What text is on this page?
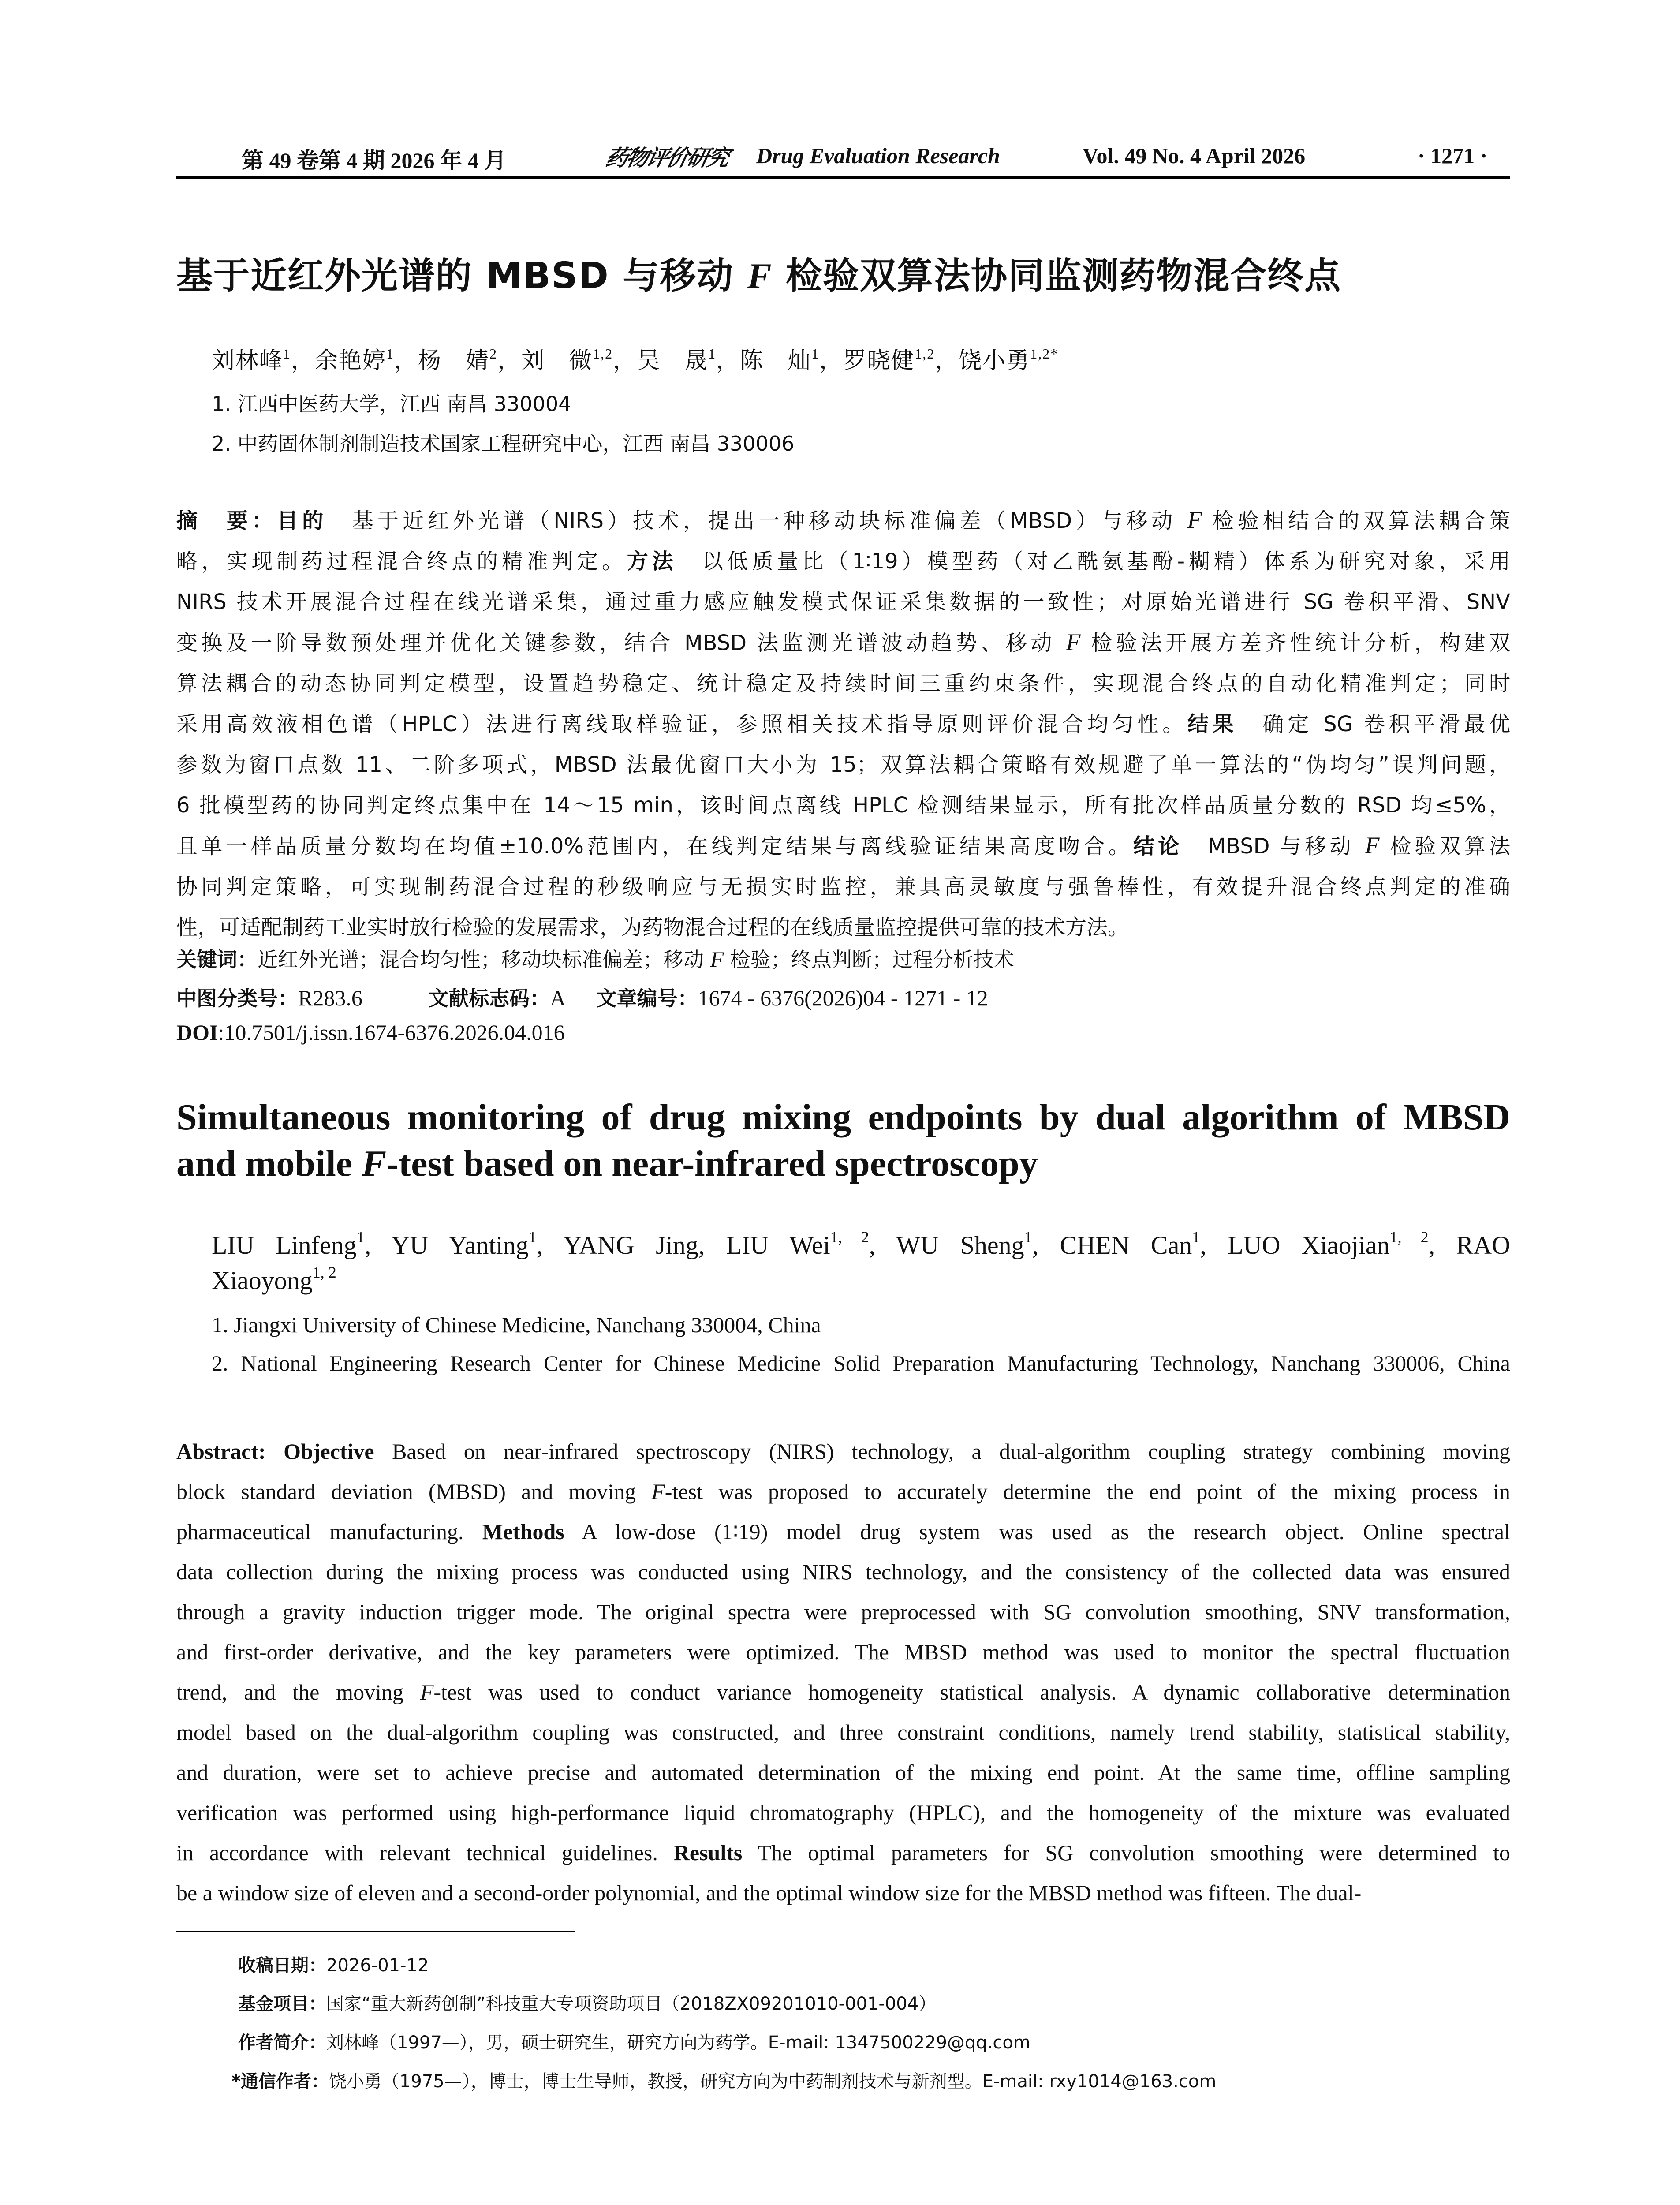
第 49 卷第 4 期 2026 年 4 月	药物评价研究 Drug Evaluation Research	Vol. 49 No. 4 April 2026	· 1271 ·
基于近红外光谱的 MBSD 与移动 F 检验双算法协同监测药物混合终点
刘林峰$^1$，余艳婷$^1$，杨　婧$^2$，刘　微$^{1,2}$，吴　晟$^1$，陈　灿$^1$，罗晓健$^{1,2}$，饶小勇$^{1,2*}$
1. 江西中医药大学，江西 南昌 330004
2. 中药固体制剂制造技术国家工程研究中心，江西 南昌 330006
摘　要：目的　基于近红外光谱（NIRS）技术，提出一种移动块标准偏差（MBSD）与移动 F 检验相结合的双算法耦合策
略，实现制药过程混合终点的精准判定。方法　以低质量比（1∶19）模型药（对乙酰氨基酚-糊精）体系为研究对象，采用
NIRS 技术开展混合过程在线光谱采集，通过重力感应触发模式保证采集数据的一致性；对原始光谱进行 SG 卷积平滑、SNV
变换及一阶导数预处理并优化关键参数，结合 MBSD 法监测光谱波动趋势、移动 F 检验法开展方差齐性统计分析，构建双
算法耦合的动态协同判定模型，设置趋势稳定、统计稳定及持续时间三重约束条件，实现混合终点的自动化精准判定；同时
采用高效液相色谱（HPLC）法进行离线取样验证，参照相关技术指导原则评价混合均匀性。结果　确定 SG 卷积平滑最优
参数为窗口点数 11、二阶多项式，MBSD 法最优窗口大小为 15；双算法耦合策略有效规避了单一算法的“伪均匀”误判问题，
6 批模型药的协同判定终点集中在 14～15 min，该时间点离线 HPLC 检测结果显示，所有批次样品质量分数的 RSD 均≤5%，
且单一样品质量分数均在均值±10.0%范围内，在线判定结果与离线验证结果高度吻合。结论　MBSD 与移动 F 检验双算法
协同判定策略，可实现制药混合过程的秒级响应与无损实时监控，兼具高灵敏度与强鲁棒性，有效提升混合终点判定的准确
性，可适配制药工业实时放行检验的发展需求，为药物混合过程的在线质量监控提供可靠的技术方法。
关键词：近红外光谱；混合均匀性；移动块标准偏差；移动 F 检验；终点判断；过程分析技术
中图分类号：R283.6	文献标志码：A 文章编号：1674 - 6376(2026)04 - 1271 - 12
DOI:10.7501/j.issn.1674-6376.2026.04.016
Simultaneous monitoring of drug mixing endpoints by dual algorithm of MBSD
and mobile F-test based on near-infrared spectroscopy
LIU Linfeng$^1$, YU Yanting$^1$, YANG Jing, LIU Wei$^{1, 2}$, WU Sheng$^1$, CHEN Can$^1$, LUO Xiaojian$^{1, 2}$, RAO
Xiaoyong$^{1, 2}$
1. Jiangxi University of Chinese Medicine, Nanchang 330004, China
2. National Engineering Research Center for Chinese Medicine Solid Preparation Manufacturing Technology, Nanchang 330006, China
Abstract: Objective Based on near-infrared spectroscopy (NIRS) technology, a dual-algorithm coupling strategy combining moving
block standard deviation (MBSD) and moving F-test was proposed to accurately determine the end point of the mixing process in
pharmaceutical manufacturing. Methods A low-dose (1∶19) model drug system was used as the research object. Online spectral
data collection during the mixing process was conducted using NIRS technology, and the consistency of the collected data was ensured
through a gravity induction trigger mode. The original spectra were preprocessed with SG convolution smoothing, SNV transformation,
and first-order derivative, and the key parameters were optimized. The MBSD method was used to monitor the spectral fluctuation
trend, and the moving F-test was used to conduct variance homogeneity statistical analysis. A dynamic collaborative determination
model based on the dual-algorithm coupling was constructed, and three constraint conditions, namely trend stability, statistical stability,
and duration, were set to achieve precise and automated determination of the mixing end point. At the same time, offline sampling
verification was performed using high-performance liquid chromatography (HPLC), and the homogeneity of the mixture was evaluated
in accordance with relevant technical guidelines. Results The optimal parameters for SG convolution smoothing were determined to
be a window size of eleven and a second-order polynomial, and the optimal window size for the MBSD method was fifteen. The dual-
收稿日期：2026-01-12
基金项目：国家“重大新药创制”科技重大专项资助项目（2018ZX09201010-001-004）
作者简介：刘林峰（1997—），男，硕士研究生，研究方向为药学。E-mail: 1347500229@qq.com
*通信作者：饶小勇（1975—），博士，博士生导师，教授，研究方向为中药制剂技术与新剂型。E-mail: rxy1014@163.com
